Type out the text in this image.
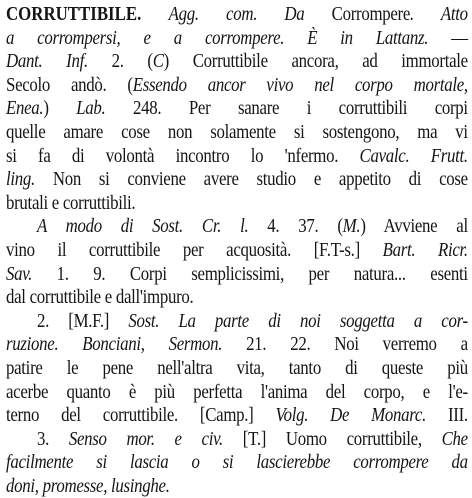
CORRUTTIBILE. Agg. com. Da Corrompere. Atto
a corrompersi, e a corrompere. È in Lattanz. —
Dant. Inf. 2. (C) Corruttibile ancora, ad immortale
Secolo andò. (Essendo ancor vivo nel corpo mortale,
Enea.) Lab. 248. Per sanare i corruttibili corpi
quelle amare cose non solamente si sostengono, ma vi
si fa di volontà incontro lo 'nfermo. Cavalc. Frutt.
ling. Non si conviene avere studio e appetito di cose
brutali e corruttibili.
A modo di Sost. Cr. l. 4. 37. (M.) Avviene al
vino il corruttibile per acquosità. [F.T-s.] Bart. Ricr.
Sav. 1. 9. Corpi semplicissimi, per natura... esenti
dal corruttibile e dall'impuro.
2. [M.F.] Sost. La parte di noi soggetta a cor-
ruzione. Bonciani, Sermon. 21. 22. Noi verremo a
patire le pene nell'altra vita, tanto di queste più
acerbe quanto è più perfetta l'anima del corpo, e l'e-
terno del corruttibile. [Camp.] Volg. De Monarc. III.
3. Senso mor. e civ. [T.] Uomo corruttibile, Che
facilmente si lascia o si lascierebbe corrompere da
doni, promesse, lusinghe.
